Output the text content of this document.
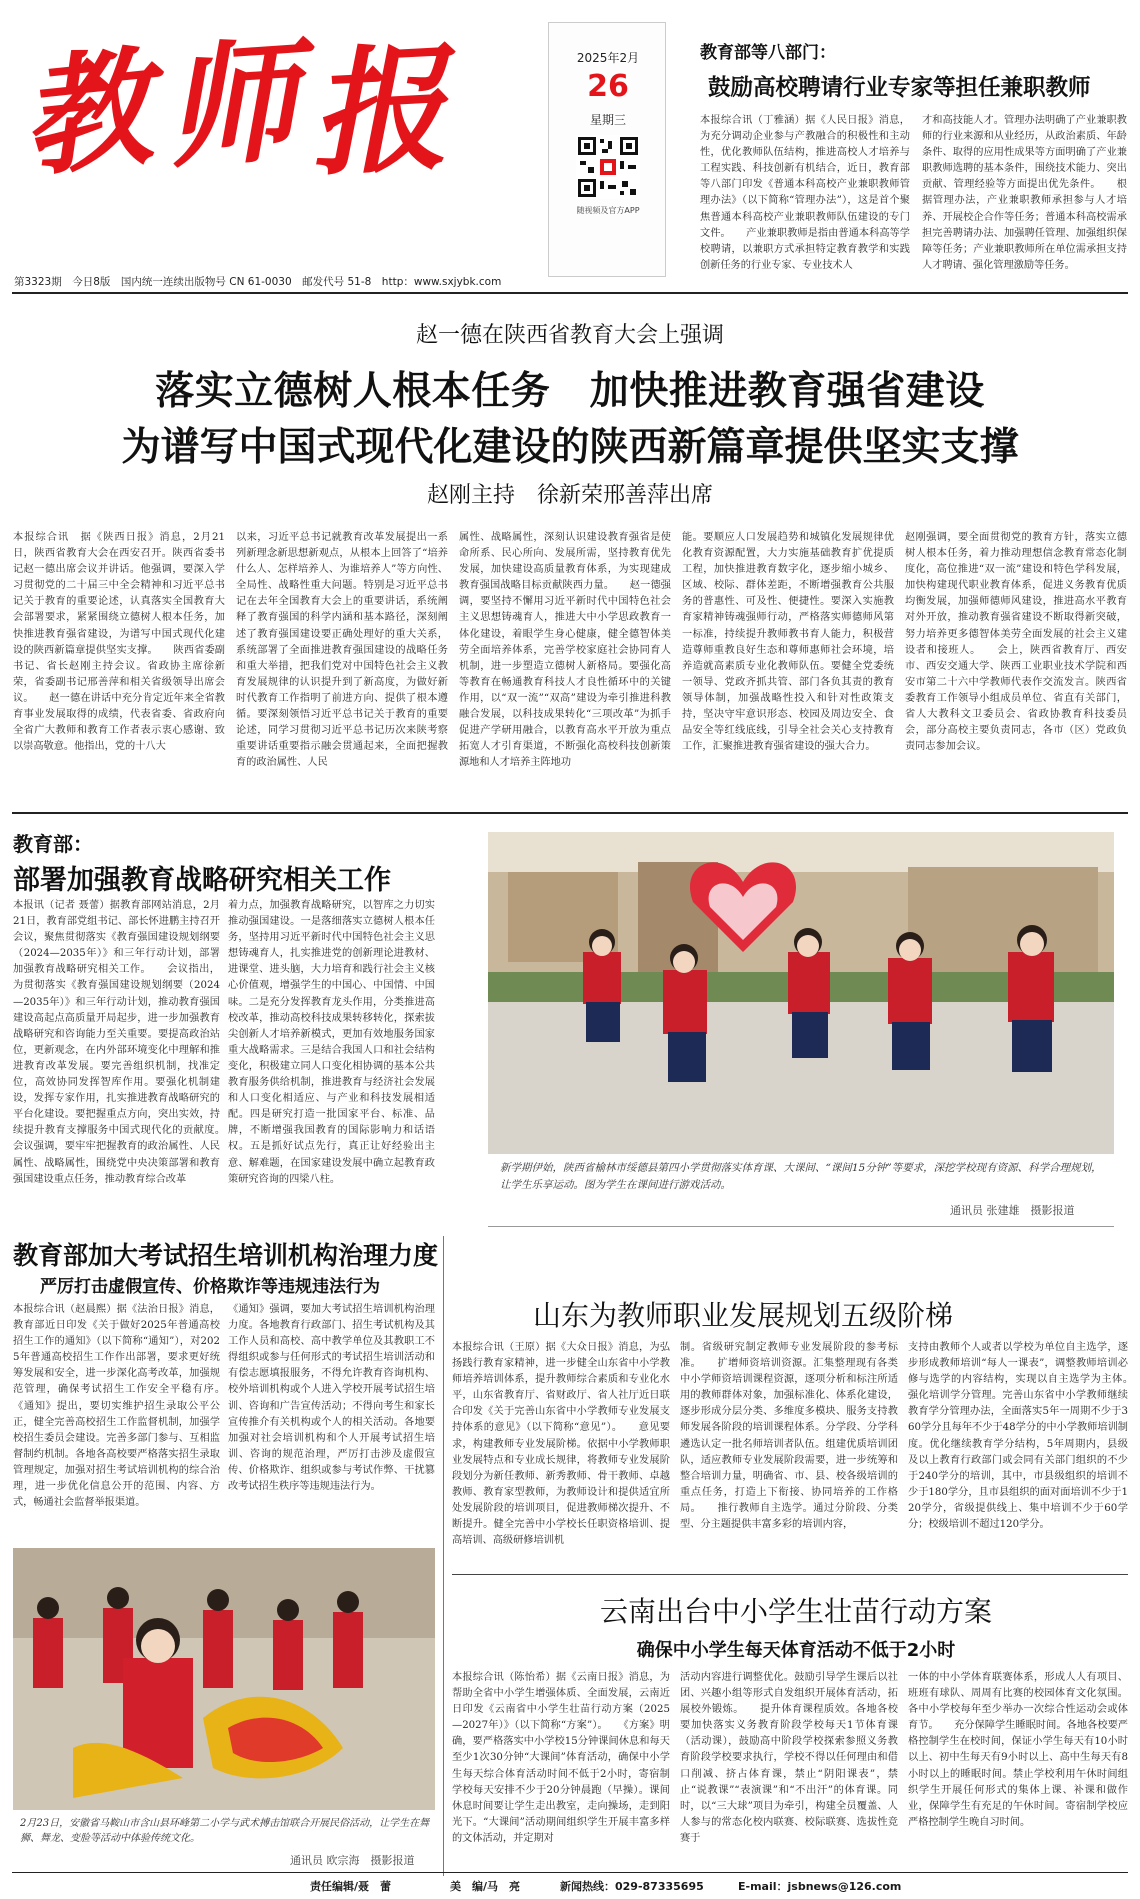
教 师 报	2025年2月
26
星期三
随视频及官方APP
第3323期　今日8版　国内统一连续出版物号 CN 61-0030　邮发代号 51-8　http：www.sxjybk.com
教育部等八部门：
鼓励高校聘请行业专家等担任兼职教师
本报综合讯（丁雅涵）据《人民日报》消息，为充分调动企业参与产教融合的积极性和主动性，优化教师队伍结构，推进高校人才培养与工程实践、科技创新有机结合，近日，教育部等八部门印发《普通本科高校产业兼职教师管理办法》（以下简称“管理办法”），这是首个聚焦普通本科高校产业兼职教师队伍建设的专门文件。　　产业兼职教师是指由普通本科高等学校聘请，以兼职方式承担特定教育教学和实践创新任务的行业专家、专业技术人
才和高技能人才。管理办法明确了产业兼职教师的行业来源和从业经历，从政治素质、年龄条件、取得的应用性成果等方面明确了产业兼职教师选聘的基本条件，围绕技术能力、突出贡献、管理经验等方面提出优先条件。　　根据管理办法，产业兼职教师承担参与人才培养、开展校企合作等任务；普通本科高校需承担完善聘请办法、加强聘任管理、加强组织保障等任务；产业兼职教师所在单位需承担支持人才聘请、强化管理激励等任务。
赵一德在陕西省教育大会上强调
落实立德树人根本任务　加快推进教育强省建设
为谱写中国式现代化建设的陕西新篇章提供坚实支撑
赵刚主持　徐新荣邢善萍出席
本报综合讯　据《陕西日报》消息，2月21日，陕西省教育大会在西安召开。陕西省委书记赵一德出席会议并讲话。他强调，要深入学习贯彻党的二十届三中全会精神和习近平总书记关于教育的重要论述，认真落实全国教育大会部署要求，紧紧围绕立德树人根本任务，加快推进教育强省建设，为谱写中国式现代化建设的陕西新篇章提供坚实支撑。　　陕西省委副书记、省长赵刚主持会议。省政协主席徐新荣，省委副书记邢善萍和相关省级领导出席会议。　　赵一德在讲话中充分肯定近年来全省教育事业发展取得的成绩，代表省委、省政府向全省广大教师和教育工作者表示衷心感谢、致以崇高敬意。他指出，党的十八大
以来，习近平总书记就教育改革发展提出一系列新理念新思想新观点，从根本上回答了“培养什么人、怎样培养人、为谁培养人”等方向性、全局性、战略性重大问题。特别是习近平总书记在去年全国教育大会上的重要讲话，系统阐释了教育强国的科学内涵和基本路径，深刻阐述了教育强国建设要正确处理好的重大关系，系统部署了全面推进教育强国建设的战略任务和重大举措，把我们党对中国特色社会主义教育发展规律的认识提升到了新高度，为做好新时代教育工作指明了前进方向、提供了根本遵循。要深刻领悟习近平总书记关于教育的重要论述，同学习贯彻习近平总书记历次来陕考察重要讲话重要指示融会贯通起来，全面把握教育的政治属性、人民
属性、战略属性，深刻认识建设教育强省是使命所系、民心所向、发展所需，坚持教育优先发展，加快建设高质量教育体系，为实现建成教育强国战略目标贡献陕西力量。　　赵一德强调，要坚持不懈用习近平新时代中国特色社会主义思想铸魂育人，推进大中小学思政教育一体化建设，着眼学生身心健康，健全德智体美劳全面培养体系，完善学校家庭社会协同育人机制，进一步塑造立德树人新格局。要强化高等教育在畅通教育科技人才良性循环中的关键作用，以“双一流”“双高”建设为牵引推进科教融合发展，以科技成果转化“三项改革”为抓手促进产学研用融合，以教育高水平开放为重点拓宽人才引育渠道，不断强化高校科技创新策源地和人才培养主阵地功
能。要顺应人口发展趋势和城镇化发展规律优化教育资源配置，大力实施基础教育扩优提质工程，加快推进教育数字化，逐步缩小城乡、区域、校际、群体差距，不断增强教育公共服务的普惠性、可及性、便捷性。要深入实施教育家精神铸魂强师行动，严格落实师德师风第一标准，持续提升教师教书育人能力，积极营造尊师重教良好生态和尊师惠师社会环境，培养造就高素质专业化教师队伍。要健全党委统一领导、党政齐抓共管、部门各负其责的教育领导体制，加强战略性投入和针对性政策支持，坚决守牢意识形态、校园及周边安全、食品安全等红线底线，引导全社会关心支持教育工作，汇聚推进教育强省建设的强大合力。
赵刚强调，要全面贯彻党的教育方针，落实立德树人根本任务，着力推动理想信念教育常态化制度化，高位推进“双一流”建设和特色学科发展，加快构建现代职业教育体系，促进义务教育优质均衡发展，加强师德师风建设，推进高水平教育对外开放，推动教育强省建设不断取得新突破，努力培养更多德智体美劳全面发展的社会主义建设者和接班人。　　会上，陕西省教育厅、西安市、西安交通大学、陕西工业职业技术学院和西安市第二十六中学教师代表作交流发言。陕西省委教育工作领导小组成员单位、省直有关部门，省人大教科文卫委员会、省政协教育科技委员会，部分高校主要负责同志，各市（区）党政负责同志参加会议。
教育部：
部署加强教育战略研究相关工作
本报讯（记者 聂蕾）据教育部网站消息，2月21日，教育部党组书记、部长怀进鹏主持召开会议，聚焦贯彻落实《教育强国建设规划纲要（2024—2035年）》和三年行动计划，部署加强教育战略研究相关工作。　　会议指出，为贯彻落实《教育强国建设规划纲要（2024—2035年）》和三年行动计划，推动教育强国建设高起点高质量开局起步，进一步加强教育战略研究和咨询能力至关重要。要提高政治站位，更新观念，在内外部环境变化中理解和推进教育改革发展。要完善组织机制，找准定位，高效协同发挥智库作用。要强化机制建设，发挥专家作用，扎实推进教育战略研究的平台化建设。要把握重点方向，突出实效，持续提升教育支撑服务中国式现代化的贡献度。　　会议强调，要牢牢把握教育的政治属性、人民属性、战略属性，围绕党中央决策部署和教育强国建设重点任务，推动教育综合改革
着力点，加强教育战略研究，以智库之力切实推动强国建设。一是落细落实立德树人根本任务，坚持用习近平新时代中国特色社会主义思想铸魂育人，扎实推进党的创新理论进教材、进课堂、进头脑，大力培育和践行社会主义核心价值观，增强学生的中国心、中国情、中国味。二是充分发挥教育龙头作用，分类推进高校改革，推动高校科技成果转移转化，探索拔尖创新人才培养新模式，更加有效地服务国家重大战略需求。三是结合我国人口和社会结构变化，积极建立同人口变化相协调的基本公共教育服务供给机制，推进教育与经济社会发展和人口变化相适应、与产业和科技发展相适配。四是研究打造一批国家平台、标准、品牌，不断增强我国教育的国际影响力和话语权。五是抓好试点先行，真正让好经验出主意、解难题，在国家建设发展中确立起教育政策研究咨询的四梁八柱。
新学期伊始，陕西省榆林市绥德县第四小学贯彻落实体育课、大课间、“课间15分钟”等要求，深挖学校现有资源、科学合理规划，让学生乐享运动。图为学生在课间进行游戏活动。
通讯员 张建雄　摄影报道
教育部加大考试招生培训机构治理力度
严厉打击虚假宣传、价格欺诈等违规违法行为
本报综合讯（赵晨熙）据《法治日报》消息，教育部近日印发《关于做好2025年普通高校招生工作的通知》（以下简称“通知”），对2025年普通高校招生工作作出部署，要求更好统筹发展和安全，进一步深化高考改革，加强规范管理，确保考试招生工作安全平稳有序。　　《通知》提出，要切实维护招生录取公平公正，健全完善高校招生工作监督机制，加强学校招生委员会建设。完善多部门参与、互相监督制约机制。各地各高校要严格落实招生录取管理规定，加强对招生考试培训机构的综合治理，进一步优化信息公开的范围、内容、方式，畅通社会监督举报渠道。
《通知》强调，要加大考试招生培训机构治理力度。各地教育行政部门、招生考试机构及其工作人员和高校、高中教学单位及其教职工不得组织或参与任何形式的考试招生培训活动和有偿志愿填报服务，不得允许教育咨询机构、校外培训机构或个人进入学校开展考试招生培训、咨询和广告宣传活动；不得向考生和家长宣传推介有关机构或个人的相关活动。各地要加强对社会培训机构和个人开展考试招生培训、咨询的规范治理，严厉打击涉及虚假宣传、价格欺诈、组织或参与考试作弊、干扰篡改考试招生秩序等违规违法行为。
山东为教师职业发展规划五级阶梯
本报综合讯（王原）据《大众日报》消息，为弘扬践行教育家精神，进一步健全山东省中小学教师培养培训体系，提升教师综合素质和专业化水平，山东省教育厅、省财政厅、省人社厅近日联合印发《关于完善山东省中小学教师专业发展支持体系的意见》（以下简称“意见”）。　　意见要求，构建教师专业发展阶梯。依据中小学教师职业发展特点和专业成长规律，将教师专业发展阶段划分为新任教师、新秀教师、骨干教师、卓越教师、教育家型教师，为教师设计和提供适宜所处发展阶段的培训项目，促进教师梯次提升、不断提升。健全完善中小学校长任职资格培训、提高培训、高级研修培训机
制。省级研究制定教师专业发展阶段的参考标准。　　扩增师资培训资源。汇集整理现有各类中小学师资培训课程资源，逐项分析和标注所适用的教师群体对象，加强标准化、体系化建设，逐步形成分层分类、多维度多模块、服务支持教师发展各阶段的培训课程体系。分学段、分学科遴选认定一批名师培训者队伍。组建优质培训团队，适应教师专业发展阶段需要，进一步统筹和整合培训力量，明确省、市、县、校各级培训的重点任务，打造上下衔接、协同培养的工作格局。　　推行教师自主选学。通过分阶段、分类型、分主题提供丰富多彩的培训内容，
支持由教师个人或者以学校为单位自主选学，逐步形成教师培训“每人一课表”，调整教师培训必修与选学的内容结构，实现以自主选学为主体。　　强化培训学分管理。完善山东省中小学教师继续教育学分管理办法，全面落实5年一周期不少于360学分且每年不少于48学分的中小学教师培训制度。优化继续教育学分结构，5年周期内，县级及以上教育行政部门或会同有关部门组织的不少于240学分的培训，其中，市县级组织的培训不少于180学分，且市县组织的面对面培训不少于120学分，省级提供线上、集中培训不少于60学分；校级培训不超过120学分。
2月23日，安徽省马鞍山市含山县环峰第二小学与武术搏击馆联合开展民俗活动，让学生在舞狮、舞龙、变脸等活动中体验传统文化。
通讯员 欧宗海　摄影报道
云南出台中小学生壮苗行动方案
确保中小学生每天体育活动不低于2小时
本报综合讯（陈怡希）据《云南日报》消息，为帮助全省中小学生增强体质、全面发展，云南近日印发《云南省中小学生壮苗行动方案（2025—2027年）》（以下简称“方案”）。　　《方案》明确，要严格落实中小学校15分钟课间休息和每天至少1次30分钟“大课间”体育活动，确保中小学生每天综合体育活动时间不低于2小时，寄宿制学校每天安排不少于20分钟晨跑（早操）。课间休息时间要让学生走出教室，走向操场，走到阳光下。“大课间”活动期间组织学生开展丰富多样的文体活动，并定期对
活动内容进行调整优化。鼓励引导学生课后以社团、兴趣小组等形式自发组织开展体育活动，拓展校外锻炼。　　提升体育课程质效。各地各校要加快落实义务教育阶段学校每天1节体育课（活动课），鼓励高中阶段学校探索参照义务教育阶段学校要求执行，学校不得以任何理由和借口削减、挤占体育课，禁止“阴阳课表”，禁止“说教课”“表演课”和“不出汗”的体育课。同时，以“三大球”项目为牵引，构建全员覆盖、人人参与的常态化校内联赛、校际联赛、选拔性竞赛于
一体的中小学体育联赛体系，形成人人有项目、班班有球队、周周有比赛的校园体育文化氛围。各中小学校每年至少举办一次综合性运动会或体育节。　　充分保障学生睡眠时间。各地各校要严格控制学生在校时间，保证小学生每天有10小时以上、初中生每天有9小时以上、高中生每天有8小时以上的睡眠时间。禁止学校利用午休时间组织学生开展任何形式的集体上课、补课和做作业，保障学生有充足的午休时间。寄宿制学校应严格控制学生晚自习时间。
责任编辑/聂　蕾	美　编/马　亮	新闻热线：029-87335695	E-mail：jsbnews@126.com
